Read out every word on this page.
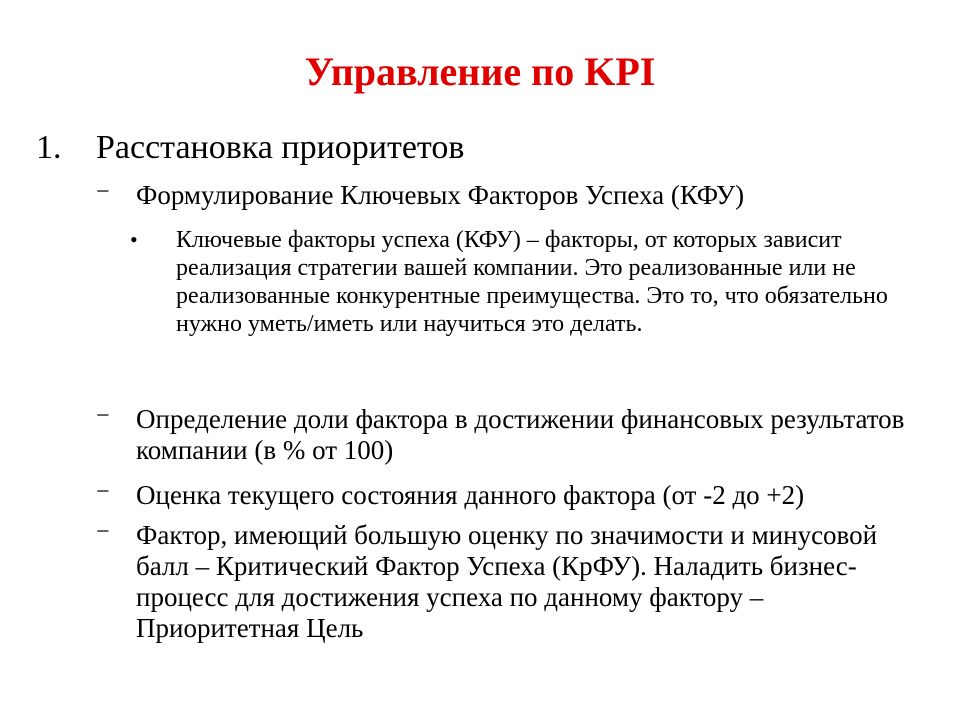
Управление по KPI
1. Расстановка приоритетов
− Формулирование Ключевых Факторов Успеха (КФУ)
•	Ключевые факторы успеха (КФУ) – факторы, от которых зависит реализация стратегии вашей компании. Это реализованные или не реализованные конкурентные преимущества. Это то, что обязательно нужно уметь/иметь или научиться это делать.
− Определение доли фактора в достижении финансовых результатов компании (в % от 100)
− Оценка текущего состояния данного фактора (от -2 до +2)
− Фактор, имеющий большую оценку по значимости и минусовой балл – Критический Фактор Успеха (КрФУ). Наладить бизнес-процесс для достижения успеха по данному фактору – Приоритетная Цель
